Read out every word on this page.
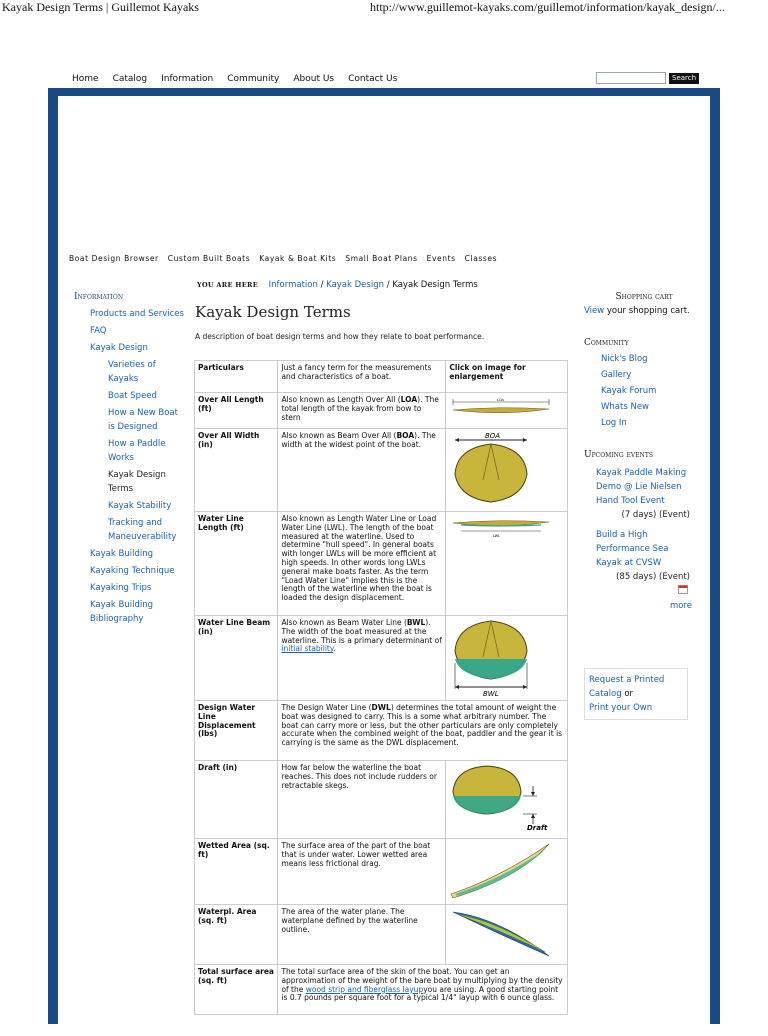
Kayak Design Terms | Guillemot Kayaks	http://www.guillemot-kayaks.com/guillemot/information/kayak_design/...
Home Catalog Information Community About Us Contact Us	Search
Boat Design Browser Custom Built Boats Kayak & Boat Kits Small Boat Plans Events Classes
Information
Products and Services
FAQ
Kayak Design
Varieties of Kayaks
Boat Speed
How a New Boat is Designed
How a Paddle Works
Kayak Design Terms
Kayak Stability
Tracking and Maneuverability
Kayak Building
Kayaking Technique
Kayaking Trips
Kayak Building Bibliography
YOU ARE HERE Information / Kayak Design / Kayak Design Terms
Kayak Design Terms
A description of boat design terms and how they relate to boat performance.
Particulars	Just a fancy term for the measurements and characteristics of a boat.	Click on image for enlargement
Over All Length (ft)	Also known as Length Over All (LOA). The total length of the kayak from bow to stern	LOA

Over All Width (in)	Also known as Beam Over All (BOA). The width at the widest point of the boat.	BOA

Water Line Length (ft)	Also known as Length Water Line or Load Water Line (LWL). The length of the boat measured at the waterline. Used to determine "hull speed". In general boats with longer LWLs will be more efficient at high speeds. In other words long LWLs general make boats faster. As the term "Load Water Line" implies this is the length of the waterline when the boat is loaded the design displacement.	LWL

Water Line Beam (in)	Also known as Beam Water Line (BWL). The width of the boat measured at the waterline. This is a primary determinant of initial stability.	BWL

Design Water Line Displacement (lbs)	The Design Water Line (DWL) determines the total amount of weight the boat was designed to carry. This is a some what arbitrary number. The boat can carry more or less, but the other particulars are only completely accurate when the combined weight of the boat, paddler and the gear it is carrying is the same as the DWL displacement.	
Draft (in)	How far below the waterline the boat reaches. This does not include rudders or retractable skegs.	Draft

Wetted Area (sq. ft)	The surface area of the part of the boat that is under water. Lower wetted area means less frictional drag.	

Waterpl. Area (sq. ft)	The area of the water plane. The waterplane defined by the waterline outline.	

Total surface area (sq. ft)	The total surface area of the skin of the boat. You can get an approximation of the weight of the bare boat by multiplying by the density of the wood strip and fiberglass layupyou are using. A good starting point is 0.7 pounds per square foot for a typical 1/4" layup with 6 ounce glass.	
Shopping cart
View your shopping cart.
Community
Nick's Blog
Gallery
Kayak Forum
Whats New
Log In
Upcoming events
Kayak Paddle Making Demo @ Lie Nielsen Hand Tool Event
(7 days) (Event)
Build a High Performance Sea Kayak at CVSW
(85 days) (Event)
more
Request a Printed Catalog or
Print your Own
